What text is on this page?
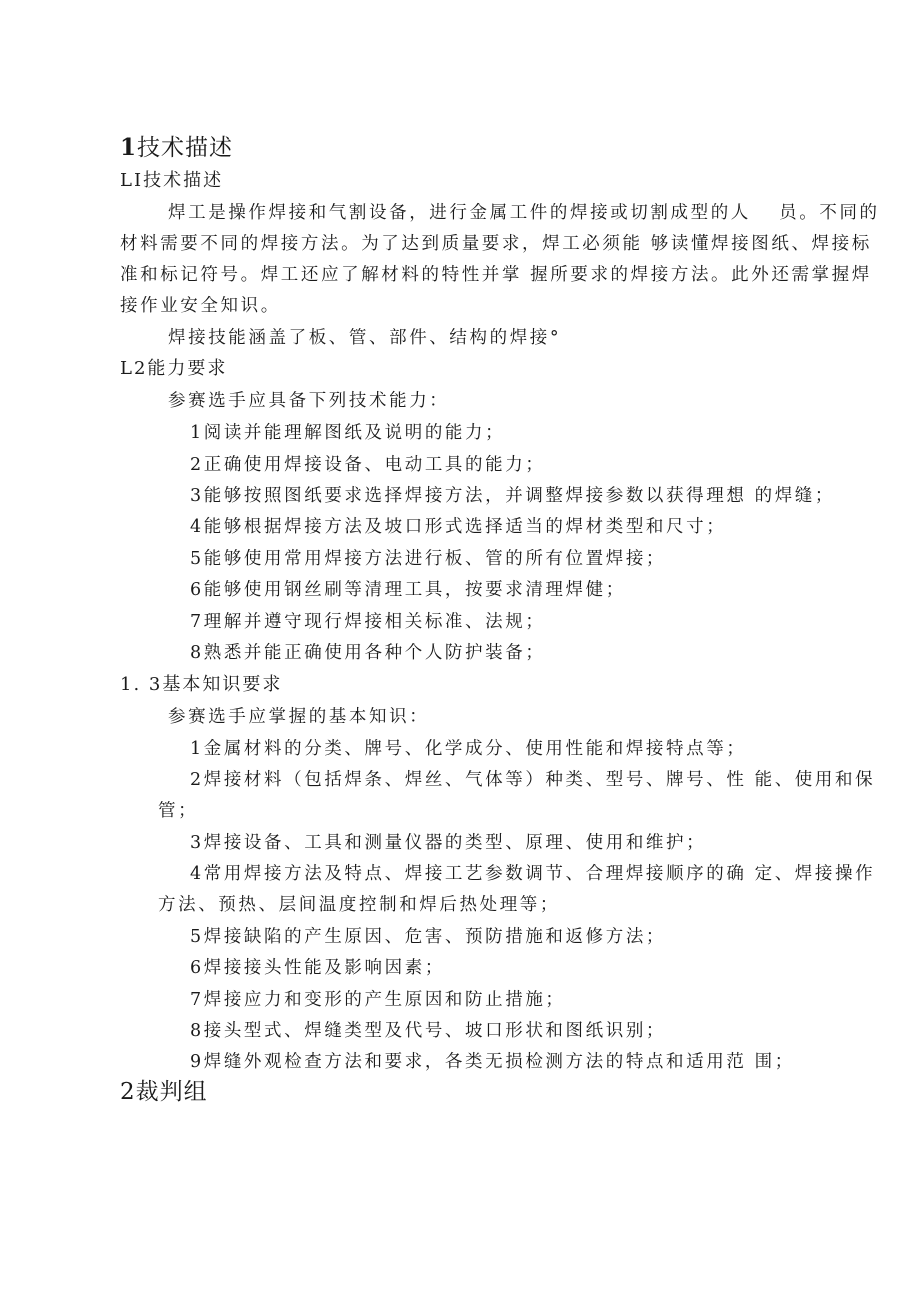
1技术描述
LI技术描述
焊工是操作焊接和气割设备，进行金属工件的焊接或切割成型的人　 员。不同的
材料需要不同的焊接方法。为了达到质量要求，焊工必须能 够读懂焊接图纸、焊接标
准和标记符号。焊工还应了解材料的特性并掌 握所要求的焊接方法。此外还需掌握焊
接作业安全知识。
焊接技能涵盖了板、管、部件、结构的焊接°
L2能力要求
参赛选手应具备下列技术能力：
1阅读并能理解图纸及说明的能力；
2正确使用焊接设备、电动工具的能力；
3能够按照图纸要求选择焊接方法，并调整焊接参数以获得理想 的焊缝；
4能够根据焊接方法及坡口形式选择适当的焊材类型和尺寸；
5能够使用常用焊接方法进行板、管的所有位置焊接；
6能够使用钢丝刷等清理工具，按要求清理焊健；
7理解并遵守现行焊接相关标准、法规；
8熟悉并能正确使用各种个人防护装备；
1. 3基本知识要求
参赛选手应掌握的基本知识：
1金属材料的分类、牌号、化学成分、使用性能和焊接特点等；
2焊接材料（包括焊条、焊丝、气体等）种类、型号、牌号、性 能、使用和保
管；
3焊接设备、工具和测量仪器的类型、原理、使用和维护；
4常用焊接方法及特点、焊接工艺参数调节、合理焊接顺序的确 定、焊接操作
方法、预热、层间温度控制和焊后热处理等；
5焊接缺陷的产生原因、危害、预防措施和返修方法；
6焊接接头性能及影响因素；
7焊接应力和变形的产生原因和防止措施；
8接头型式、焊缝类型及代号、坡口形状和图纸识别；
9焊缝外观检查方法和要求，各类无损检测方法的特点和适用范 围；
2裁判组
